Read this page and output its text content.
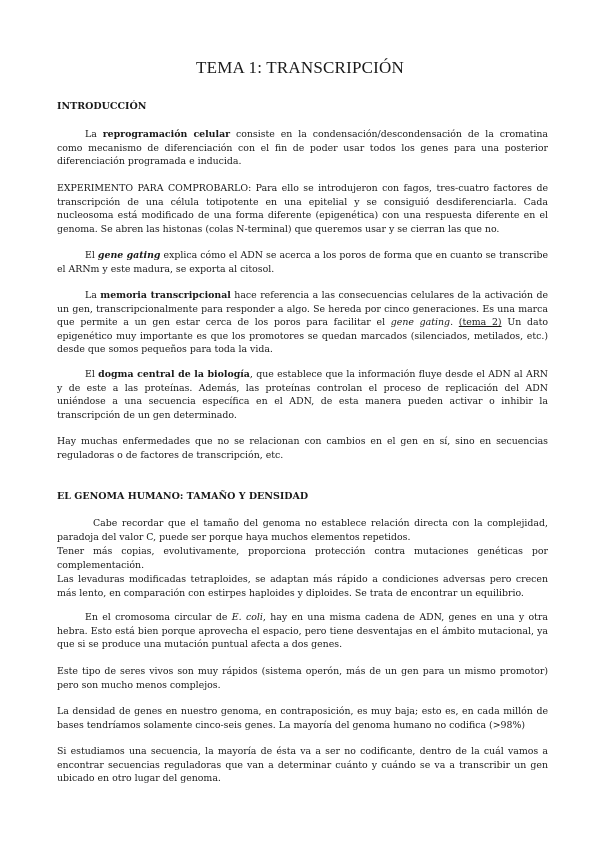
TEMA 1: TRANSCRIPCIÓN
INTRODUCCIÓN

La reprogramación celular consiste en la condensación/descondensación de la cromatina como mecanismo de diferenciación con el fin de poder usar todos los genes para una posterior diferenciación programada e inducida.

EXPERIMENTO PARA COMPROBARLO: Para ello se introdujeron con fagos, tres-cuatro factores de transcripción de una célula totipotente en una epitelial y se consiguió desdiferenciarla. Cada nucleosoma está modificado de una forma diferente (epigenética) con una respuesta diferente en el genoma. Se abren las histonas (colas N-terminal) que queremos usar y se cierran las que no.

El gene gating explica cómo el ADN se acerca a los poros de forma que en cuanto se transcribe el ARNm y este madura, se exporta al citosol.

La memoria transcripcional hace referencia a las consecuencias celulares de la activación de un gen, transcripcionalmente para responder a algo. Se hereda por cinco generaciones. Es una marca que permite a un gen estar cerca de los poros para facilitar el gene gating. (tema 2) Un dato epigenético muy importante es que los promotores se quedan marcados (silenciados, metilados, etc.) desde que somos pequeños para toda la vida.

El dogma central de la biología, que establece que la información fluye desde el ADN al ARN y de este a las proteínas. Además, las proteínas controlan el proceso de replicación del ADN uniéndose a una secuencia específica en el ADN, de esta manera pueden activar o inhibir la transcripción de un gen determinado.

Hay muchas enfermedades que no se relacionan con cambios en el gen en sí, sino en secuencias reguladoras o de factores de transcripción, etc.

EL GENOMA HUMANO: TAMAÑO Y DENSIDAD

Cabe recordar que el tamaño del genoma no establece relación directa con la complejidad, paradoja del valor C, puede ser porque haya muchos elementos repetidos.

Tener más copias, evolutivamente, proporciona protección contra mutaciones genéticas por complementación.

Las levaduras modificadas tetraploides, se adaptan más rápido a condiciones adversas pero crecen más lento, en comparación con estirpes haploides y diploides. Se trata de encontrar un equilibrio.

En el cromosoma circular de E. coli, hay en una misma cadena de ADN, genes en una y otra hebra. Esto está bien porque aprovecha el espacio, pero tiene desventajas en el ámbito mutacional, ya que si se produce una mutación puntual afecta a dos genes.

Este tipo de seres vivos son muy rápidos (sistema operón, más de un gen para un mismo promotor) pero son mucho menos complejos.

La densidad de genes en nuestro genoma, en contraposición, es muy baja; esto es, en cada millón de bases tendríamos solamente cinco-seis genes. La mayoría del genoma humano no codifica (>98%)

Si estudiamos una secuencia, la mayoría de ésta va a ser no codificante, dentro de la cuál vamos a encontrar secuencias reguladoras que van a determinar cuánto y cuándo se va a transcribir un gen ubicado en otro lugar del genoma.
